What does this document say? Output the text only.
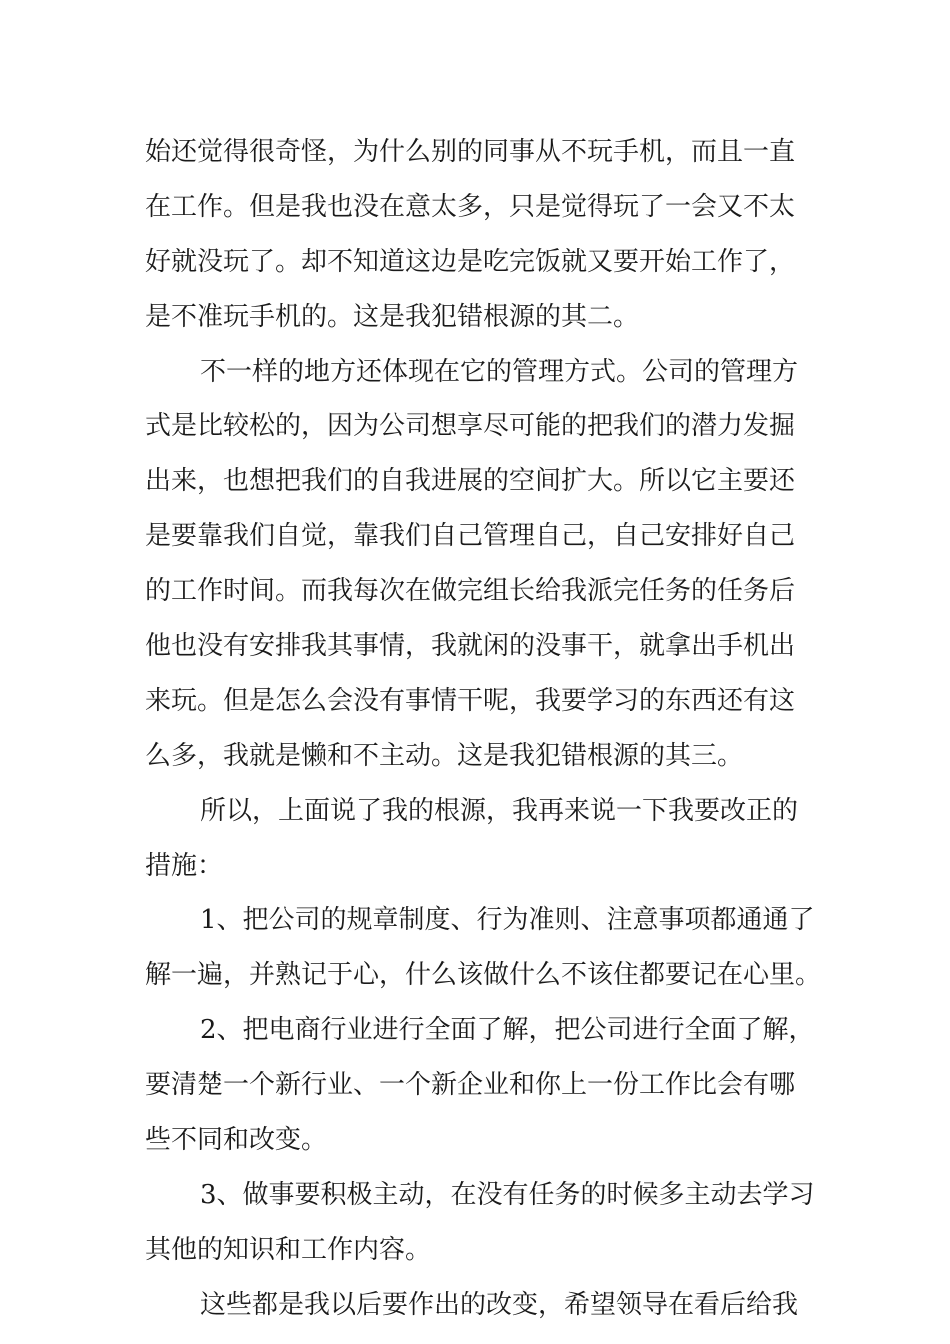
始还觉得很奇怪，为什么别的同事从不玩手机，而且一直
在工作。但是我也没在意太多，只是觉得玩了一会又不太
好就没玩了。却不知道这边是吃完饭就又要开始工作了，
是不准玩手机的。这是我犯错根源的其二。
不一样的地方还体现在它的管理方式。公司的管理方
式是比较松的，因为公司想享尽可能的把我们的潜力发掘
出来，也想把我们的自我进展的空间扩大。所以它主要还
是要靠我们自觉，靠我们自己管理自己，自己安排好自己
的工作时间。而我每次在做完组长给我派完任务的任务后
他也没有安排我其事情，我就闲的没事干，就拿出手机出
来玩。但是怎么会没有事情干呢，我要学习的东西还有这
么多，我就是懒和不主动。这是我犯错根源的其三。
所以，上面说了我的根源，我再来说一下我要改正的
措施：
1、把公司的规章制度、行为准则、注意事项都通通了
解一遍，并熟记于心，什么该做什么不该住都要记在心里。
2、把电商行业进行全面了解，把公司进行全面了解，
要清楚一个新行业、一个新企业和你上一份工作比会有哪
些不同和改变。
3、做事要积极主动，在没有任务的时候多主动去学习
其他的知识和工作内容。
这些都是我以后要作出的改变，希望领导在看后给我
